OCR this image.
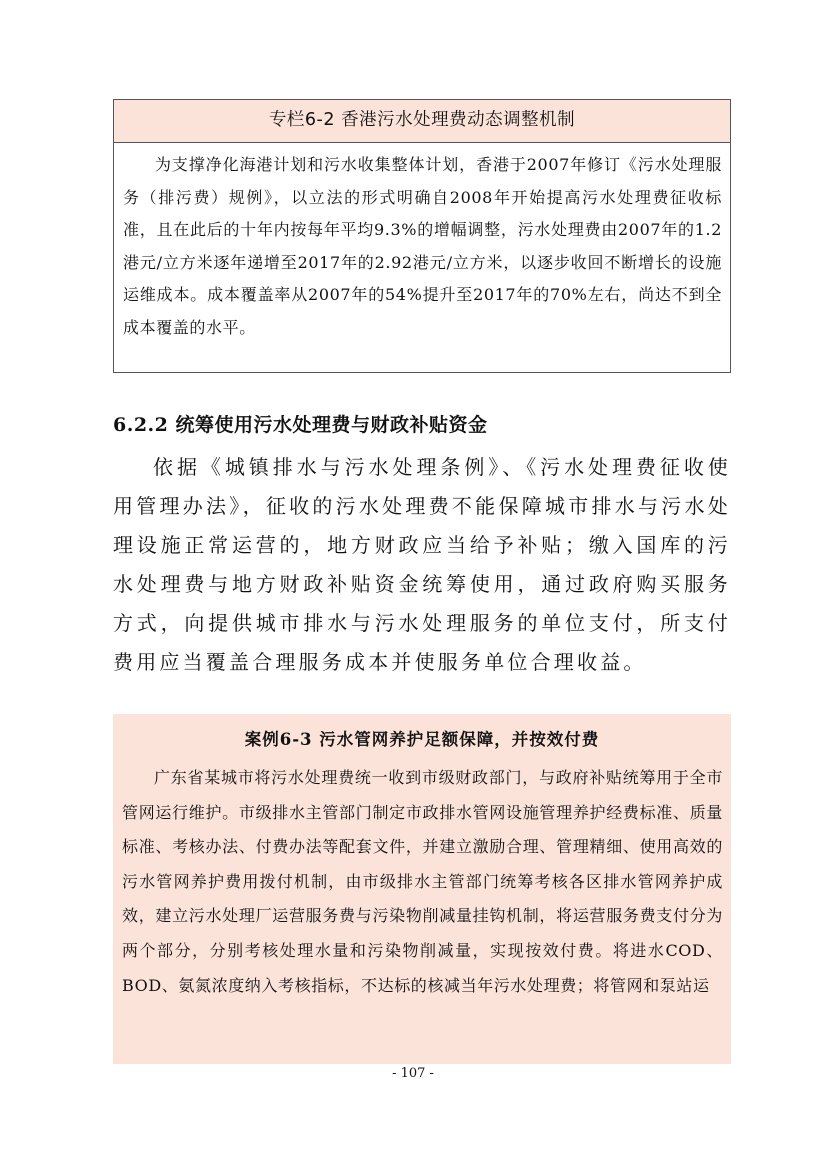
专栏6-2 香港污水处理费动态调整机制

为支撑净化海港计划和污水收集整体计划，香港于2007年修订《污水处理服务（排污费）规例》，以立法的形式明确自2008年开始提高污水处理费征收标准，且在此后的十年内按每年平均9.3%的增幅调整，污水处理费由2007年的1.2港元/立方米逐年递增至2017年的2.92港元/立方米，以逐步收回不断增长的设施运维成本。成本覆盖率从2007年的54%提升至2017年的70%左右，尚达不到全成本覆盖的水平。

6.2.2 统筹使用污水处理费与财政补贴资金

依据《城镇排水与污水处理条例》、《污水处理费征收使用管理办法》，征收的污水处理费不能保障城市排水与污水处理设施正常运营的，地方财政应当给予补贴；缴入国库的污水处理费与地方财政补贴资金统筹使用，通过政府购买服务方式，向提供城市排水与污水处理服务的单位支付，所支付费用应当覆盖合理服务成本并使服务单位合理收益。

案例6-3 污水管网养护足额保障，并按效付费

广东省某城市将污水处理费统一收到市级财政部门，与政府补贴统筹用于全市管网运行维护。市级排水主管部门制定市政排水管网设施管理养护经费标准、质量标准、考核办法、付费办法等配套文件，并建立激励合理、管理精细、使用高效的污水管网养护费用拨付机制，由市级排水主管部门统筹考核各区排水管网养护成效，建立污水处理厂运营服务费与污染物削减量挂钩机制，将运营服务费支付分为两个部分，分别考核处理水量和污染物削减量，实现按效付费。将进水COD、BOD、氨氮浓度纳入考核指标，不达标的核减当年污水处理费；将管网和泵站运

- 107 -
